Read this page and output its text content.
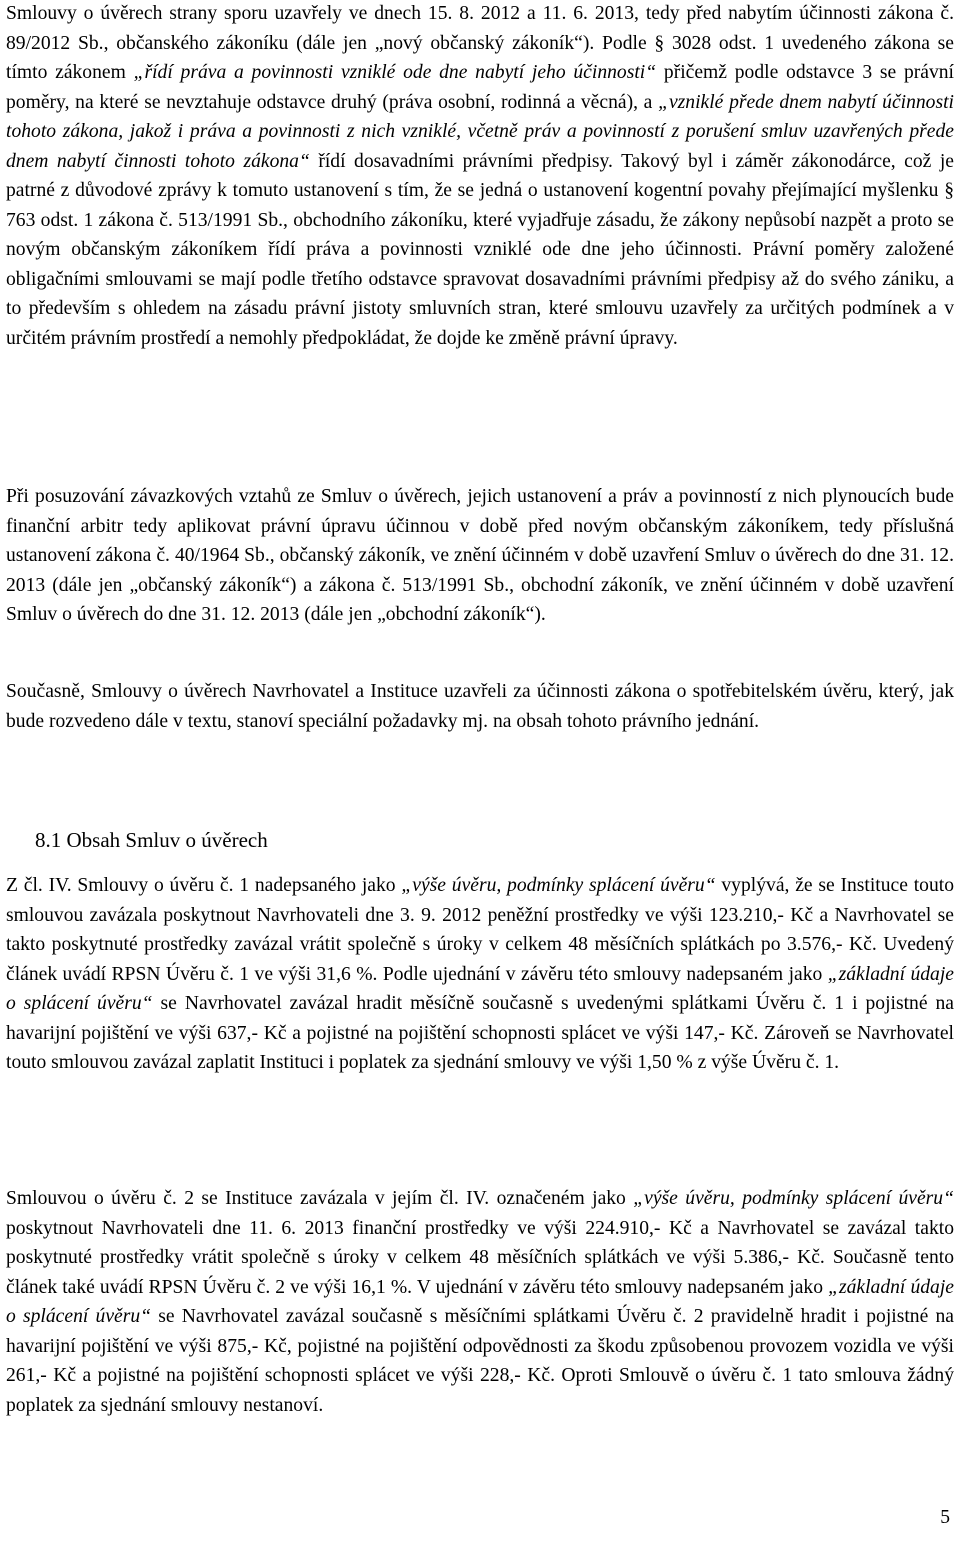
Smlouvy o úvěrech strany sporu uzavřely ve dnech 15. 8. 2012 a 11. 6. 2013, tedy před nabytím účinnosti zákona č. 89/2012 Sb., občanského zákoníku (dále jen „nový občanský zákoník“). Podle § 3028 odst. 1 uvedeného zákona se tímto zákonem „řídí práva a povinnosti vzniklé ode dne nabytí jeho účinnosti“ přičemž podle odstavce 3 se právní poměry, na které se nevztahuje odstavce druhý (práva osobní, rodinná a věcná), a „vzniklé přede dnem nabytí účinnosti tohoto zákona, jakož i práva a povinnosti z nich vzniklé, včetně práv a povinností z porušení smluv uzavřených přede dnem nabytí činnosti tohoto zákona“ řídí dosavadními právními předpisy. Takový byl i záměr zákonodárce, což je patrné z důvodové zprávy k tomuto ustanovení s tím, že se jedná o ustanovení kogentní povahy přejímající myšlenku § 763 odst. 1 zákona č. 513/1991 Sb., obchodního zákoníku, které vyjadřuje zásadu, že zákony nepůsobí nazpět a proto se novým občanským zákoníkem řídí práva a povinnosti vzniklé ode dne jeho účinnosti. Právní poměry založené obligačními smlouvami se mají podle třetího odstavce spravovat dosavadními právními předpisy až do svého zániku, a to především s ohledem na zásadu právní jistoty smluvních stran, které smlouvu uzavřely za určitých podmínek a v určitém právním prostředí a nemohly předpokládat, že dojde ke změně právní úpravy.

Při posuzování závazkových vztahů ze Smluv o úvěrech, jejich ustanovení a práv a povinností z nich plynoucích bude finanční arbitr tedy aplikovat právní úpravu účinnou v době před novým občanským zákoníkem, tedy příslušná ustanovení zákona č. 40/1964 Sb., občanský zákoník, ve znění účinném v době uzavření Smluv o úvěrech do dne 31. 12. 2013 (dále jen „občanský zákoník“) a zákona č. 513/1991 Sb., obchodní zákoník, ve znění účinném v době uzavření Smluv o úvěrech do dne 31. 12. 2013 (dále jen „obchodní zákoník“).

Současně, Smlouvy o úvěrech Navrhovatel a Instituce uzavřeli za účinnosti zákona o spotřebitelském úvěru, který, jak bude rozvedeno dále v textu, stanoví speciální požadavky mj. na obsah tohoto právního jednání.

8.1 Obsah Smluv o úvěrech

Z čl. IV. Smlouvy o úvěru č. 1 nadepsaného jako „výše úvěru, podmínky splácení úvěru“ vyplývá, že se Instituce touto smlouvou zavázala poskytnout Navrhovateli dne 3. 9. 2012 peněžní prostředky ve výši 123.210,- Kč a Navrhovatel se takto poskytnuté prostředky zavázal vrátit společně s úroky v celkem 48 měsíčních splátkách po 3.576,- Kč. Uvedený článek uvádí RPSN Úvěru č. 1 ve výši 31,6 %. Podle ujednání v závěru této smlouvy nadepsaném jako „základní údaje o splácení úvěru“ se Navrhovatel zavázal hradit měsíčně současně s uvedenými splátkami Úvěru č. 1 i pojistné na havarijní pojištění ve výši 637,- Kč a pojistné na pojištění schopnosti splácet ve výši 147,- Kč. Zároveň se Navrhovatel touto smlouvou zavázal zaplatit Instituci i poplatek za sjednání smlouvy ve výši 1,50 % z výše Úvěru č. 1.

Smlouvou o úvěru č. 2 se Instituce zavázala v jejím čl. IV. označeném jako „výše úvěru, podmínky splácení úvěru“ poskytnout Navrhovateli dne 11. 6. 2013 finanční prostředky ve výši 224.910,- Kč a Navrhovatel se zavázal takto poskytnuté prostředky vrátit společně s úroky v celkem 48 měsíčních splátkách ve výši 5.386,- Kč. Současně tento článek také uvádí RPSN Úvěru č. 2 ve výši 16,1 %. V ujednání v závěru této smlouvy nadepsaném jako „základní údaje o splácení úvěru“ se Navrhovatel zavázal současně s měsíčními splátkami Úvěru č. 2 pravidelně hradit i pojistné na havarijní pojištění ve výši 875,- Kč, pojistné na pojištění odpovědnosti za škodu způsobenou provozem vozidla ve výši 261,- Kč a pojistné na pojištění schopnosti splácet ve výši 228,- Kč. Oproti Smlouvě o úvěru č. 1 tato smlouva žádný poplatek za sjednání smlouvy nestanoví.

5
